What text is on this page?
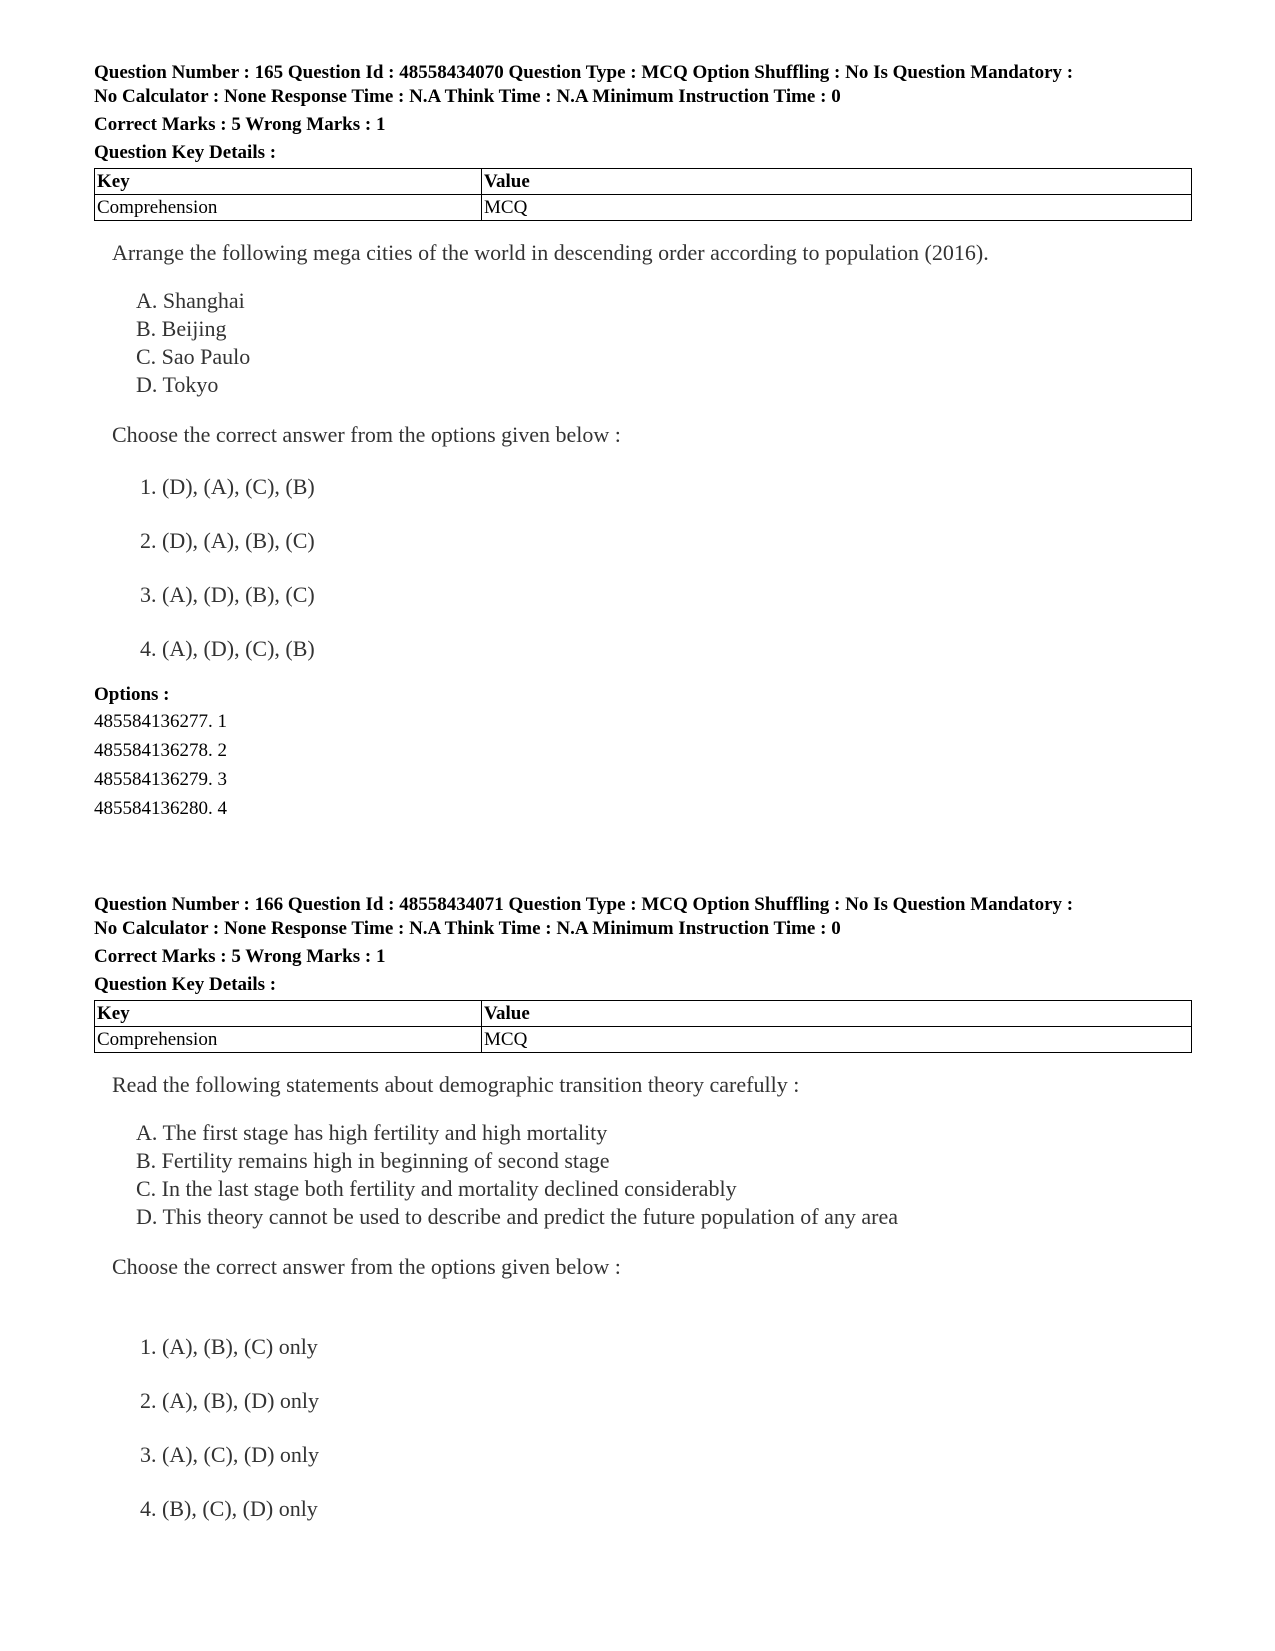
Question Number : 165 Question Id : 48558434070 Question Type : MCQ Option Shuffling : No Is Question Mandatory :

No Calculator : None Response Time : N.A Think Time : N.A Minimum Instruction Time : 0

Correct Marks : 5 Wrong Marks : 1
Question Key Details :
Key	Value
Comprehension	MCQ
Arrange the following mega cities of the world in descending order according to population (2016).
A. Shanghai
B. Beijing
C. Sao Paulo
D. Tokyo
Choose the correct answer from the options given below :
1. (D), (A), (C), (B)
2. (D), (A), (B), (C)
3. (A), (D), (B), (C)
4. (A), (D), (C), (B)
Options :
485584136277. 1
485584136278. 2
485584136279. 3
485584136280. 4

Question Number : 166 Question Id : 48558434071 Question Type : MCQ Option Shuffling : No Is Question Mandatory :

No Calculator : None Response Time : N.A Think Time : N.A Minimum Instruction Time : 0

Correct Marks : 5 Wrong Marks : 1
Question Key Details :
Key	Value
Comprehension	MCQ
Read the following statements about demographic transition theory carefully :
A. The first stage has high fertility and high mortality
B. Fertility remains high in beginning of second stage
C. In the last stage both fertility and mortality declined considerably
D. This theory cannot be used to describe and predict the future population of any area
Choose the correct answer from the options given below :
1. (A), (B), (C) only
2. (A), (B), (D) only
3. (A), (C), (D) only
4. (B), (C), (D) only
